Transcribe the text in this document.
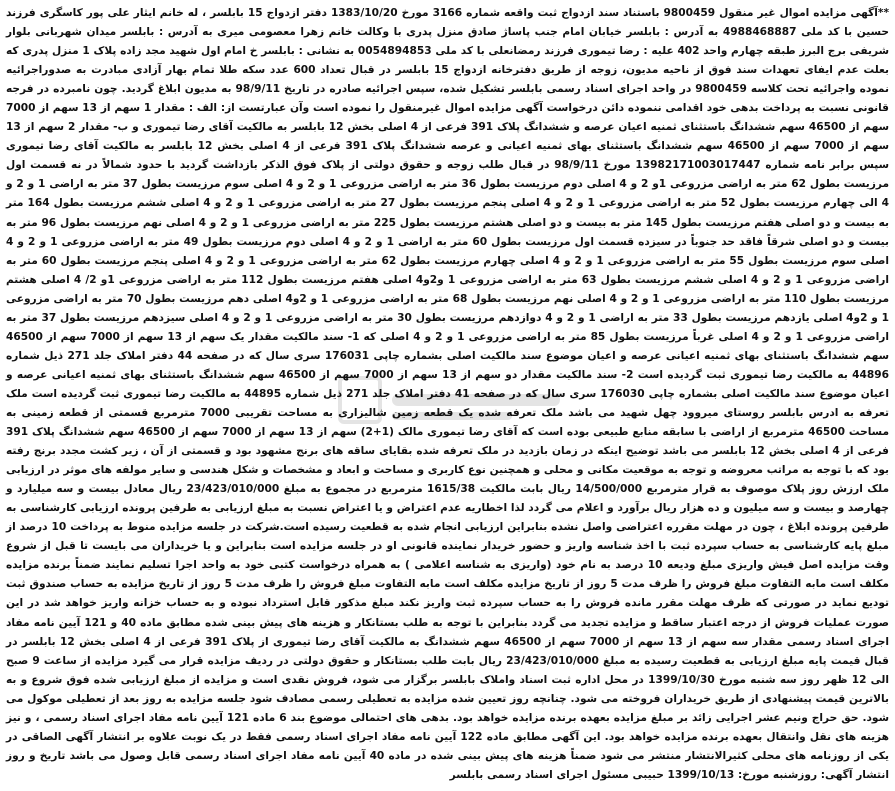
**آگهی مزایده اموال غیر منقول 9800459 باستناد سند ازدواج ثبت واقعه شماره 3166 مورخ 1383/10/20 دفتر ازدواج 15 بابلسر ، له خانم ایثار علی پور کاسگری فرزند حسین با کد ملی 4988468887 به آدرس : بابلسر خیابان امام جنب پاساژ صادق منزل پدری با وکالت خانم زهرا معصومی میری به آدرس : بابلسر میدان شهربانی بلوار شریفی برج البرز طبقه چهارم واحد 402 علیه : رضا تیموری فرزند رمضانعلی با کد ملی 0054894853 به نشانی : بابلسر خ امام اول شهید مجد زاده پلاک 1 منزل پدری که بعلت عدم ایفای تعهدات سند فوق از ناحیه مدیون، زوجه از طریق دفترخانه ازدواج 15 بابلسر در قبال تعداد 600 عدد سکه طلا تمام بهار آزادی مبادرت به صدوراجرائیه نموده واجرائیه تحت کلاسه 9800459 در واحد اجرای اسناد رسمی بابلسر تشکیل شده، سپس اجرائیه صادره در تاریخ 98/9/11 به مدیون ابلاغ گردید. چون نامبرده در فرجه قانونی نسبت به پرداخت بدهی خود اقدامی ننموده دائن درخواست آگهی مزایده اموال غیرمنقول را نموده است وآن عبارتست از: الف : مقدار 1 سهم از 13 سهم از 7000 سهم از 46500 سهم ششدانگ باستثنای ثمنیه اعیان عرصه و ششدانگ پلاک 391 فرعی از 4 اصلی بخش 12 بابلسر به مالکیت آقای رضا تیموری و ب- مقدار 2 سهم از 13 سهم از 7000 سهم از 46500 سهم ششدانگ باستثنای بهای ثمنیه اعیانی و عرصه ششدانگ پلاک 391 فرعی از 4 اصلی بخش 12 بابلسر به مالکیت آقای رضا تیموری سپس برابر نامه شماره 13982171003017447 مورخ 98/9/11 در قبال طلب زوجه و حقوق دولتی از پلاک فوق الذکر بازداشت گردید با حدود شمالاً در نه قسمت اول مرزیست بطول 62 متر به اراضی مزروعی 1و 2 و 4 اصلی دوم مرزیست بطول 36 متر به اراضی مزروعی 1 و 2 و 4 اصلی سوم مرزیست بطول 37 متر به اراضی 1 و 2 و 4 الی چهارم مرزیست بطول 52 متر به اراضی مزروعی 1 و 2 و 4 اصلی پنجم مرزیست بطول 27 متر به اراضی مزروعی 1 و 2 و 4 اصلی ششم مرزیست بطول 164 متر به بیست و دو اصلی هفتم مرزیست بطول 145 متر به بیست و دو اصلی هشتم مرزیست بطول 225 متر به اراضی مزروعی 1 و 2 و 4 اصلی نهم مرزیست بطول 96 متر به بیست و دو اصلی شرقاً فاقد حد جنوباً در سیزده قسمت اول مرزیست بطول 60 متر به اراضی 1 و 2 و 4 اصلی دوم مرزیست بطول 49 متر به اراضی مزروعی 1 و 2 و 4 اصلی سوم مرزیست بطول 55 متر به اراضی مزروعی 1 و 2 و 4 اصلی چهارم مرزیست بطول 62 متر به اراضی مزروعی 1 و 2 و 4 اصلی پنجم مرزیست بطول 60 متر به اراضی مزروعی 1 و 2 و 4 اصلی ششم مرزیست بطول 63 متر به اراضی مزروعی 1 و2و4 اصلی هفتم مرزیست بطول 112 متر به اراضی مزروعی 1و 2/ 4 اصلی هشتم مرزیست بطول 110 متر به اراضی مزروعی 1 و 2 و 4 اصلی نهم مرزیست بطول 68 متر به اراضی مزروعی 1 و 2و4 اصلی دهم مرزیست بطول 70 متر به اراضی مزروعی 1 و 2و4 اصلی یازدهم مرزیست بطول 33 متر به اراضی 1 و 2 و 4 دوازدهم مرزیست بطول 30 متر به اراضی مزروعی 1 و 2 و 4 اصلی سیزدهم مرزیست بطول 37 متر به اراضی مزروعی 1 و 2 و 4 اصلی غرباً مرزیست بطول 85 متر به اراضی مزروعی 1 و 2 و 4 اصلی که 1- سند مالکیت مقدار یک سهم از 13 سهم از 7000 سهم از 46500 سهم ششدانگ باستثنای بهای ثمنیه اعیانی عرصه و اعیان موضوع سند مالکیت اصلی بشماره چاپی 176031 سری سال که در صفحه 44 دفتر املاک جلد 271 ذیل شماره 44896 به مالکیت رضا تیموری ثبت گردیده است 2- سند مالکیت مقدار دو سهم از 13 سهم از 7000 سهم از 46500 سهم ششدانگ باستثنای بهای ثمنیه اعیانی عرصه و اعیان موضوع سند مالکیت اصلی بشماره چاپی 176030 سری سال که در صفحه 41 دفتر املاک جلد 271 ذیل شماره 44895 به مالکیت رضا تیموری ثبت گردیده است ملک تعرفه به ادرس بابلسر روستای میروود چهل شهید می باشد ملک تعرفه شده یک قطعه زمین شالیزاری به مساحت تقریبی 7000 مترمربع قسمتی از قطعه زمینی به مساحت 46500 مترمربع از اراضی با سابقه منابع طبیعی بوده است که آقای رضا تیموری مالک (1+2) سهم از 13 سهم از 7000 سهم از 46500 سهم ششدانگ پلاک 391 فرعی از 4 اصلی بخش 12 بابلسر می باشد توضیح اینکه در زمان بازدید در ملک تعرفه شده بقایای ساقه های برنج مشهود بود و قسمتی از آن ، زیر کشت مجدد برنج رفته بود که با توجه به مراتب معروضه و توجه به موقعیت مکانی و محلی و همچنین نوع کاربری و مساحت و ابعاد و مشخصات و شکل هندسی و سایر مولفه های موثر در ارزیابی ملک ارزش روز پلاک موصوف به قرار مترمربع 14/500/000 ریال بابت مالکیت 1615/38 مترمربع در مجموع به مبلغ 23/423/010/000 ریال معادل بیست و سه میلیارد و چهارصد و بیست و سه میلیون و ده هزار ریال برآورد و اعلام می گردد لذا اخطاریه عدم اعتراض و یا اعتراض نسبت به مبلغ ارزیابی به طرفین پرونده ارزیابی کارشناسی به طرفین پرونده ابلاغ ، چون در مهلت مقرره اعتراضی واصل نشده بنابراین ارزیابی انجام شده به قطعیت رسیده است.شرکت در جلسه مزایده منوط به پرداخت 10 درصد از مبلغ پایه کارشناسی به حساب سپرده ثبت با اخذ شناسه واریز و حضور خریدار نماینده قانونی او در جلسه مزایده است بنابراین و یا خریداران می بایست تا قبل از شروع وقت مزایده اصل فیش واریزی مبلغ ودیعه 10 درصد به نام خود (واریزی به شناسه اعلامی ) به همراه درخواست کتبی خود به واحد اجرا تسلیم نمایند ضمناً برنده مزایده مکلف است مابه التفاوت مبلغ فروش را ظرف مدت 5 روز از تاریخ مزایده مکلف است مابه التفاوت مبلغ فروش را ظرف مدت 5 روز از تاریخ مزایده به حساب صندوق ثبت تودیع نماید در صورتی که ظرف مهلت مقرر مانده فروش را به حساب سپرده ثبت واریز نکند مبلغ مذکور قابل استرداد نبوده و به حساب خزانه واریز خواهد شد در این صورت عملیات فروش از درجه اعتبار ساقط و مزایده تجدید می گردد بنابراین با توجه به طلب بستانکار و هزینه های پیش بینی شده مطابق ماده 40 و 121 آیین نامه مفاد اجرای اسناد رسمی مقدار سه سهم از 13 سهم از 7000 سهم از 46500 سهم ششدانگ به مالکیت آقای رضا تیموری از پلاک 391 فرعی از 4 اصلی بخش 12 بابلسر در قبال قیمت پایه مبلغ ارزیابی به قطعیت رسیده به مبلغ 23/423/010/000 ریال بابت طلب بستانکار و حقوق دولتی در ردیف مزایده قرار می گیرد مزایده از ساعت 9 صبح الی 12 ظهر روز سه شنبه مورخ 1399/10/30 در محل اداره ثبت اسناد واملاک بابلسر برگزار می شود، فروش نقدی است و مزایده از مبلغ ارزیابی شده فوق شروع و به بالاترین قیمت پیشنهادی از طریق خریداران فروخته می شود. چنانچه روز تعیین شده مزایده به تعطیلی رسمی مصادف شود جلسه مزایده به روز بعد از تعطیلی موکول می شود. حق حراج ونیم عشر اجرایی زائد بر مبلغ مزایده بعهده برنده مزایده خواهد بود. بدهی های احتمالی موضوع بند 6 ماده 121 آیین نامه مفاد اجرای اسناد رسمی ، و نیز هزینه های نقل وانتقال بعهده برنده مزایده خواهد بود. این آگهی مطابق ماده 122 آیین نامه مفاد اجرای اسناد رسمی فقط در یک نوبت علاوه بر انتشار آگهی الصاقی در یکی از روزنامه های محلی کثیرالانتشار منتشر می شود ضمناً هزینه های پیش بینی شده در ماده 40 آیین نامه مفاد اجرای اسناد رسمی قابل وصول می باشد تاریخ و روز انتشار آگهی: روزشنبه مورخ: 1399/10/13 حبیبی مسئول اجرای اسناد رسمی بابلسر
